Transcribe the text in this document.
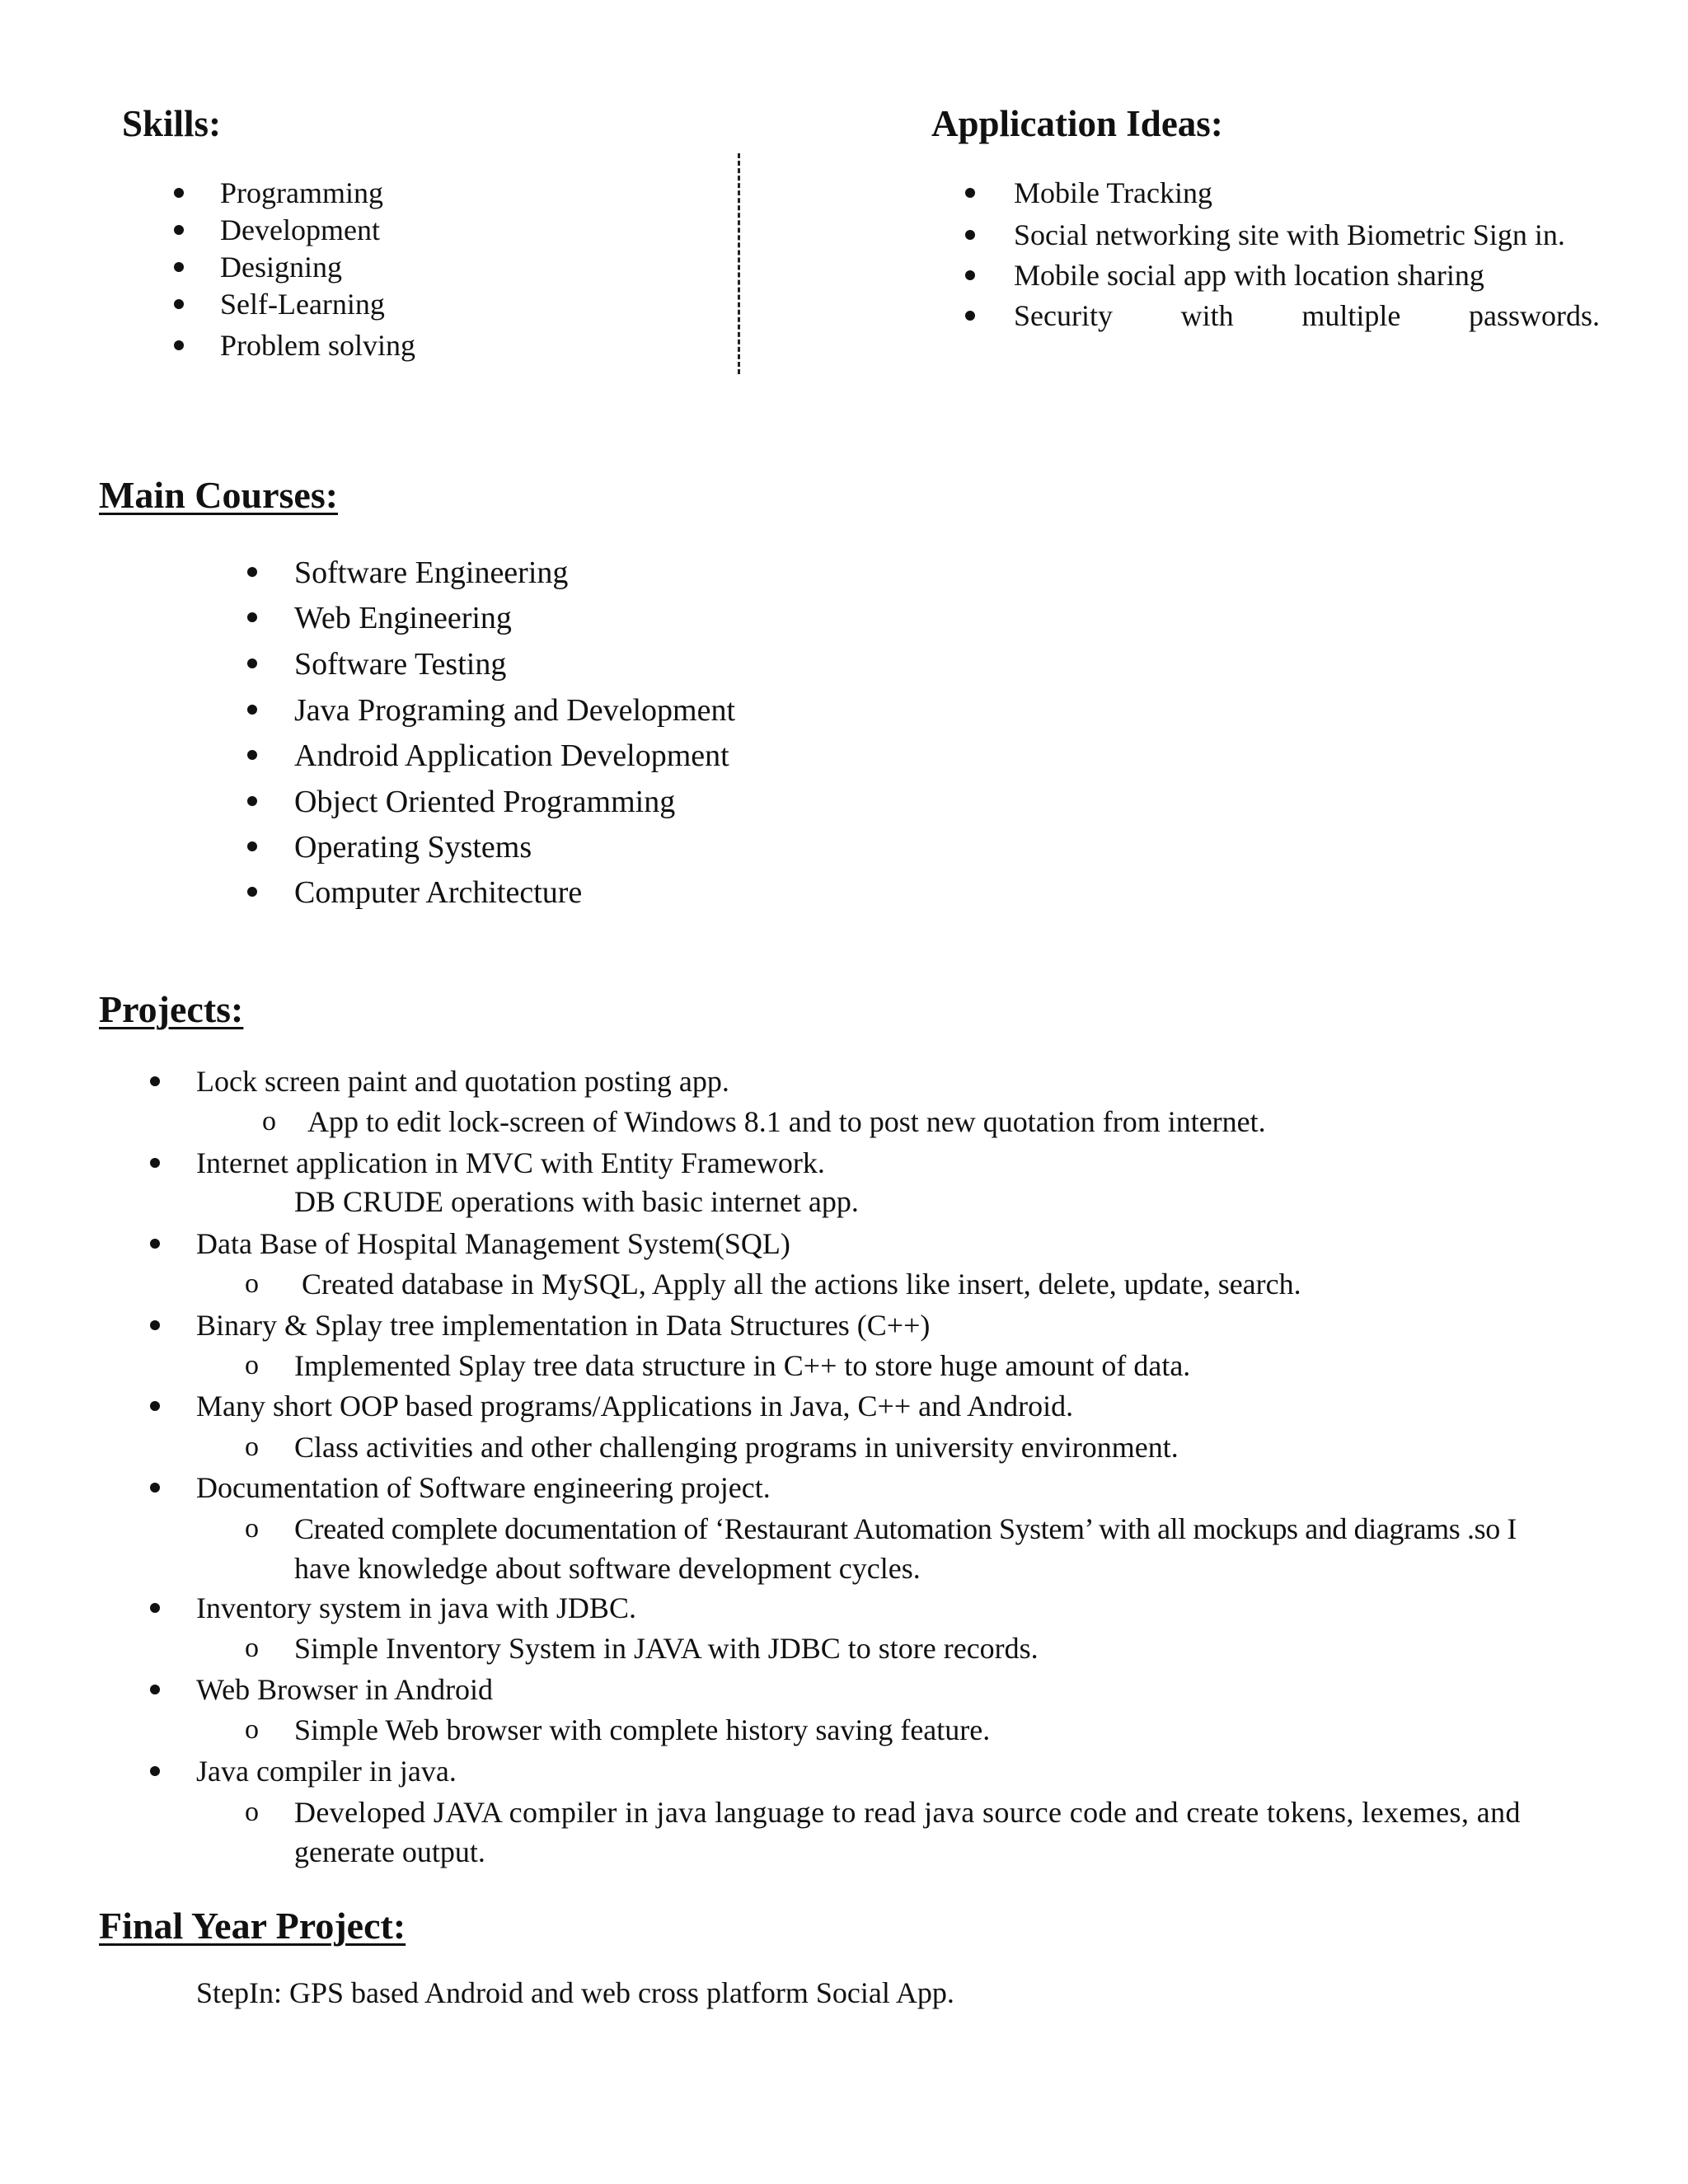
Skills:
Programming
Development
Designing
Self-Learning
Problem solving
Application Ideas:
Mobile Tracking
Social networking site with Biometric Sign in.
Mobile social app with location sharing
Security with multiple passwords.
Main Courses:
Software Engineering
Web Engineering
Software Testing
Java Programing and Development
Android Application Development
Object Oriented Programming
Operating Systems
Computer Architecture
Projects:
Lock screen paint and quotation posting app.
o App to edit lock-screen of Windows 8.1 and to post new quotation from internet.
Internet application in MVC with Entity Framework.
DB CRUDE operations with basic internet app.
Data Base of Hospital Management System(SQL)
o Created database in MySQL, Apply all the actions like insert, delete, update, search.
Binary & Splay tree implementation in Data Structures (C++)
o Implemented Splay tree data structure in C++ to store huge amount of data.
Many short OOP based programs/Applications in Java, C++ and Android.
o Class activities and other challenging programs in university environment.
Documentation of Software engineering project.
o Created complete documentation of ‘Restaurant Automation System’ with all mockups and diagrams .so I
have knowledge about software development cycles.
Inventory system in java with JDBC.
o Simple Inventory System in JAVA with JDBC to store records.
Web Browser in Android
o Simple Web browser with complete history saving feature.
Java compiler in java.
o Developed JAVA compiler in java language to read java source code and create tokens, lexemes, and
generate output.
Final Year Project:
StepIn: GPS based Android and web cross platform Social App.
